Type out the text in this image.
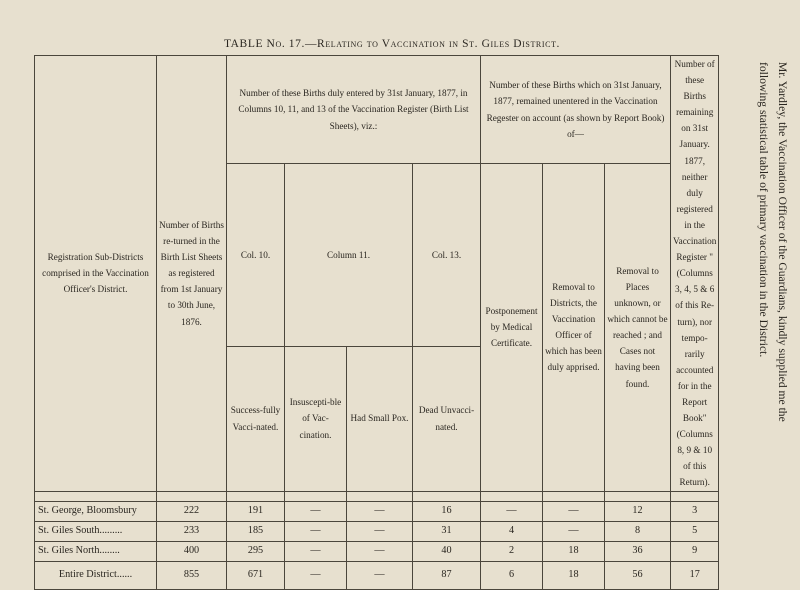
TABLE No. 17.—Relating to Vaccination in St. Giles District.
Registration Sub-Districts comprised in the Vaccination Officer's District.	Number of Births re-turned in the Birth List Sheets as registered from 1st January to 30th June, 1876.	Number of these Births duly entered by 31st January, 1877, in Columns 10, 11, and 13 of the Vaccination Register (Birth List Sheets), viz.:				Number of these Births which on 31st January, 1877, remained unentered in the Vaccination Regester on account (as shown by Report Book) of—			Number of these Births remaining on 31st January. 1877, neither duly registered in the Vaccination Register "(Columns 3, 4, 5 & 6 of this Re-turn), nor tempo-rarily accounted for in the Report Book" (Columns 8, 9 & 10 of this Return).
		Col. 10.	Column 11.		Col. 13.	Postponement by Medical Certificate.	Removal to Districts, the Vaccination Officer of which has been duly apprised.	Removal to Places unknown, or which cannot be reached ; and Cases not having been found.	
		Success-fully Vacci-nated.	Insuscepti-ble of Vac-cination.	Had Small Pox.	Dead Unvacci-nated.				

St. George, Bloomsbury	222	191	—	—	16	—	—	12	3
St. Giles South.........	233	185	—	—	31	4	—	8	5
St. Giles North........	400	295	—	—	40	2	18	36	9
Entire District......	855	671	—	—	87	6	18	56	17
Mr. Yardley, the Vaccination Officer of the Guardians, kindly supplied me the following statistical table of primary vaccination in the District.
